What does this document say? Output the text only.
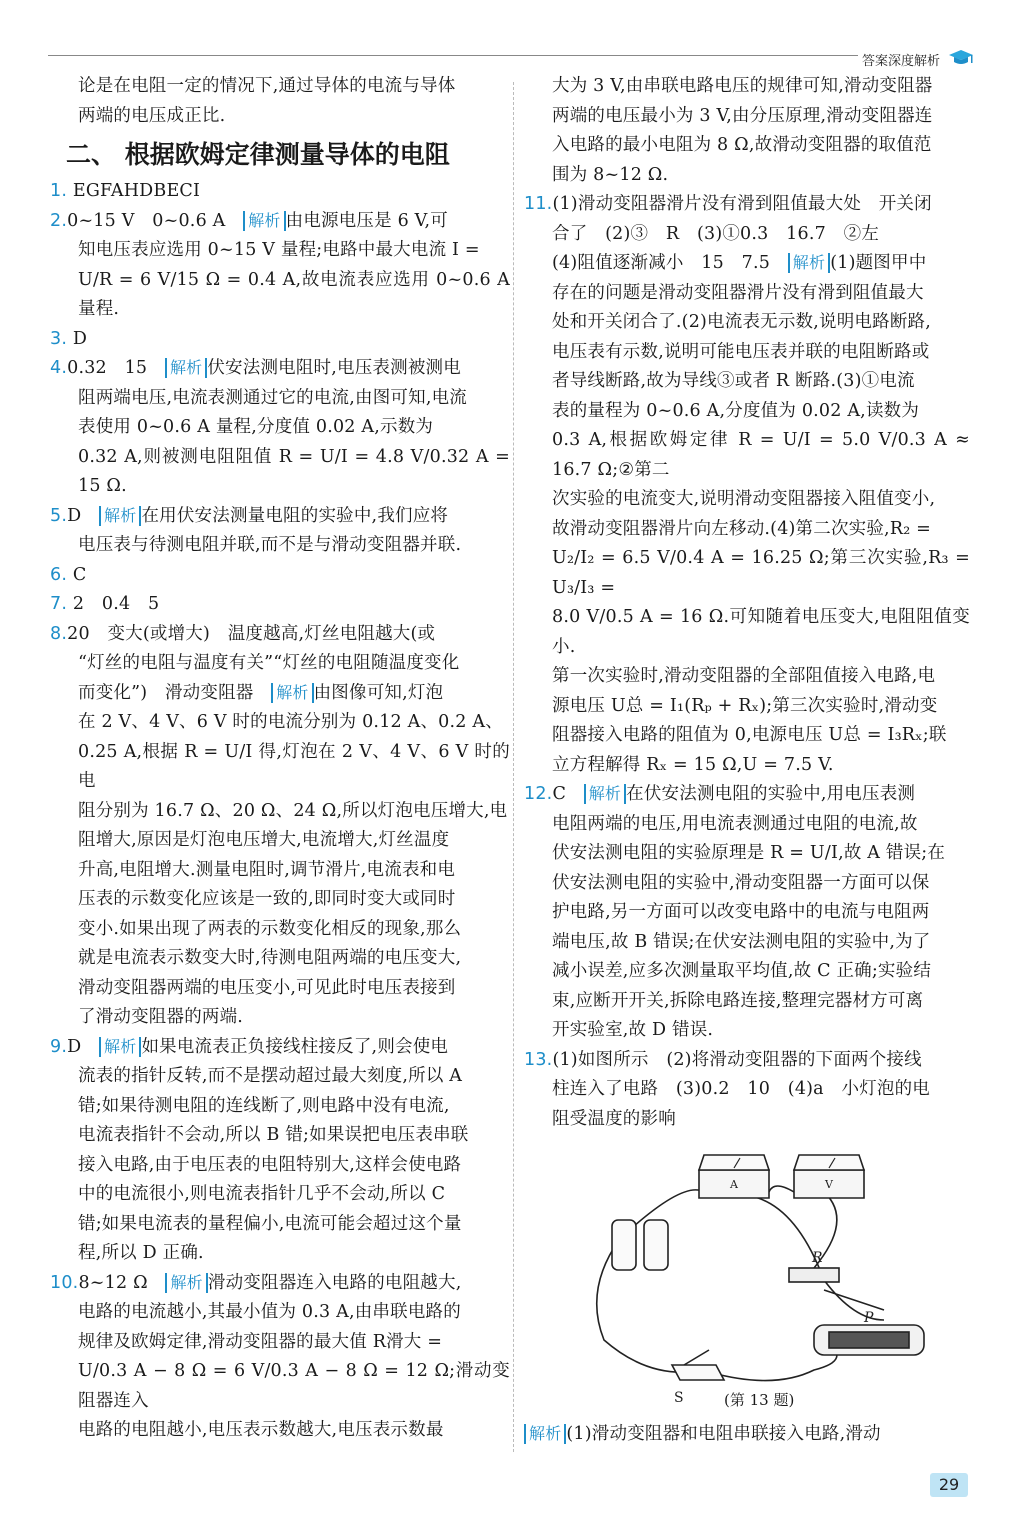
答案深度解析

论是在电阻一定的情况下,通过导体的电流与导体

两端的电压成正比.

二、 根据欧姆定律测量导体的电阻

1. EGFAHDBECI

2.0~15 V　0~0.6 A　 解析 由电源电压是 6 V,可

知电压表应选用 0~15 V 量程;电路中最大电流 I =

U/R = 6 V/15 Ω = 0.4 A,故电流表应选用 0~0.6 A 量程.

3. D

4.0.32　15　 解析 伏安法测电阻时,电压表测被测电

阻两端电压,电流表测通过它的电流,由图可知,电流

表使用 0~0.6 A 量程,分度值 0.02 A,示数为

0.32 A,则被测电阻阻值 R = U/I = 4.8 V/0.32 A = 15 Ω.

5.D　 解析 在用伏安法测量电阻的实验中,我们应将

电压表与待测电阻并联,而不是与滑动变阻器并联.

6. C

7. 2　0.4　5

8.20　变大(或增大)　温度越高,灯丝电阻越大(或

“灯丝的电阻与温度有关”“灯丝的电阻随温度变化

而变化”)　滑动变阻器　 解析 由图像可知,灯泡

在 2 V、4 V、6 V 时的电流分别为 0.12 A、0.2 A、

0.25 A,根据 R = U/I 得,灯泡在 2 V、4 V、6 V 时的电

阻分别为 16.7 Ω、20 Ω、24 Ω,所以灯泡电压增大,电

阻增大,原因是灯泡电压增大,电流增大,灯丝温度

升高,电阻增大.测量电阻时,调节滑片,电流表和电

压表的示数变化应该是一致的,即同时变大或同时

变小.如果出现了两表的示数变化相反的现象,那么

就是电流表示数变大时,待测电阻两端的电压变大,

滑动变阻器两端的电压变小,可见此时电压表接到

了滑动变阻器的两端.

9.D　 解析 如果电流表正负接线柱接反了,则会使电

流表的指针反转,而不是摆动超过最大刻度,所以 A

错;如果待测电阻的连线断了,则电路中没有电流,

电流表指针不会动,所以 B 错;如果误把电压表串联

接入电路,由于电压表的电阻特别大,这样会使电路

中的电流很小,则电流表指针几乎不会动,所以 C

错;如果电流表的量程偏小,电流可能会超过这个量

程,所以 D 正确.

10.8~12 Ω　 解析 滑动变阻器连入电路的电阻越大,

电路的电流越小,其最小值为 0.3 A,由串联电路的

规律及欧姆定律,滑动变阻器的最大值 R滑大 =

U/0.3 A − 8 Ω = 6 V/0.3 A − 8 Ω = 12 Ω;滑动变阻器连入

电路的电阻越小,电压表示数越大,电压表示数最

大为 3 V,由串联电路电压的规律可知,滑动变阻器

两端的电压最小为 3 V,由分压原理,滑动变阻器连

入电路的最小电阻为 8 Ω,故滑动变阻器的取值范

围为 8~12 Ω.

11.(1)滑动变阻器滑片没有滑到阻值最大处　开关闭

合了　(2)③　R　(3)①0.3　16.7　②左

(4)阻值逐渐减小　15　7.5　 解析 (1)题图甲中

存在的问题是滑动变阻器滑片没有滑到阻值最大

处和开关闭合了.(2)电流表无示数,说明电路断路,

电压表有示数,说明可能电压表并联的电阻断路或

者导线断路,故为导线③或者 R 断路.(3)①电流

表的量程为 0~0.6 A,分度值为 0.02 A,读数为

0.3 A,根据欧姆定律 R = U/I = 5.0 V/0.3 A ≈ 16.7 Ω;②第二

次实验的电流变大,说明滑动变阻器接入阻值变小,

故滑动变阻器滑片向左移动.(4)第二次实验,R₂ =

U₂/I₂ = 6.5 V/0.4 A = 16.25 Ω;第三次实验,R₃ = U₃/I₃ =

8.0 V/0.5 A = 16 Ω.可知随着电压变大,电阻阻值变小.

第一次实验时,滑动变阻器的全部阻值接入电路,电

源电压 U总 = I₁(Rₚ + Rₓ);第三次实验时,滑动变

阻器接入电路的阻值为 0,电源电压 U总 = I₃Rₓ;联

立方程解得 Rₓ = 15 Ω,U = 7.5 V.

12.C　 解析 在伏安法测电阻的实验中,用电压表测

电阻两端的电压,用电流表测通过电阻的电流,故

伏安法测电阻的实验原理是 R = U/I,故 A 错误;在

伏安法测电阻的实验中,滑动变阻器一方面可以保

护电路,另一方面可以改变电路中的电流与电阻两

端电压,故 B 错误;在伏安法测电阻的实验中,为了

减小误差,应多次测量取平均值,故 C 正确;实验结

束,应断开开关,拆除电路连接,整理完器材方可离

开实验室,故 D 错误.

13.(1)如图所示　(2)将滑动变阻器的下面两个接线

柱连入了电路　(3)0.2　10　(4)a　小灯泡的电

阻受温度的影响

A	V
R
P
S	(第 13 题)

解析 (1)滑动变阻器和电阻串联接入电路,滑动

29
